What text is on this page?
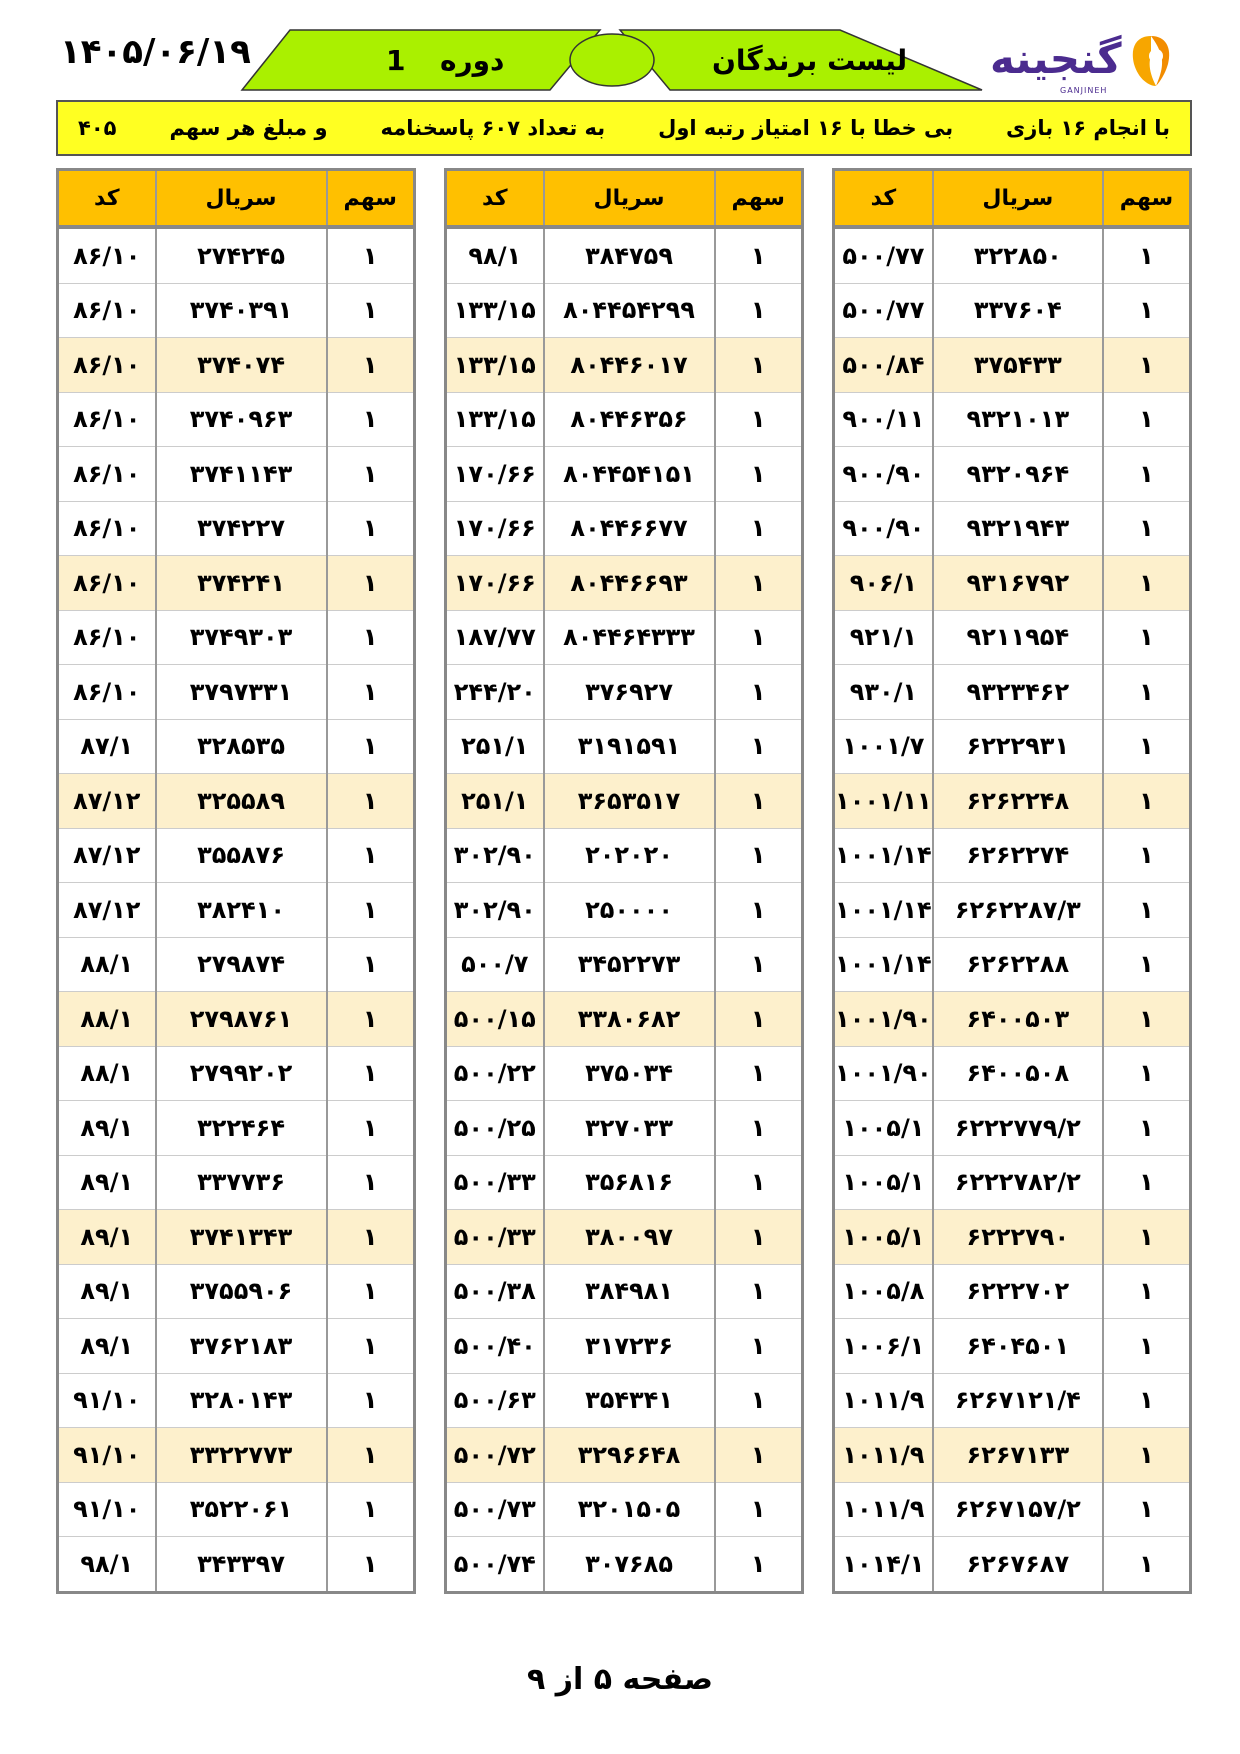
۱۴۰۵/۰۶/۱۹	1 دوره	لیست برندگان گنجینه
GANJINEH
با انجام ۱۶ بازی
بی خطا با ۱۶ امتیاز رتبه اول
به تعداد ۶۰۷ پاسخنامه
و مبلغ هر سهم
۴۰۵
کد	سریال	سهم
۵۰۰/۷۷	۳۲۲۸۵۰	۱
۵۰۰/۷۷	۳۳۷۶۰۴	۱
۵۰۰/۸۴	۳۷۵۴۳۳	۱
۹۰۰/۱۱	۹۳۲۱۰۱۳	۱
۹۰۰/۹۰	۹۳۲۰۹۶۴	۱
۹۰۰/۹۰	۹۳۲۱۹۴۳	۱
۹۰۶/۱	۹۳۱۶۷۹۲	۱
۹۲۱/۱	۹۲۱۱۹۵۴	۱
۹۳۰/۱	۹۳۲۳۴۶۲	۱
۱۰۰۱/۷	۶۲۲۲۹۳۱	۱
۱۰۰۱/۱۱	۶۲۶۲۲۴۸	۱
۱۰۰۱/۱۴	۶۲۶۲۲۷۴	۱
۱۰۰۱/۱۴	۶۲۶۲۲۸۷/۳	۱
۱۰۰۱/۱۴	۶۲۶۲۲۸۸	۱
۱۰۰۱/۹۰	۶۴۰۰۵۰۳	۱
۱۰۰۱/۹۰	۶۴۰۰۵۰۸	۱
۱۰۰۵/۱	۶۲۲۲۷۷۹/۲	۱
۱۰۰۵/۱	۶۲۲۲۷۸۲/۲	۱
۱۰۰۵/۱	۶۲۲۲۷۹۰	۱
۱۰۰۵/۸	۶۲۲۲۷۰۲	۱
۱۰۰۶/۱	۶۴۰۴۵۰۱	۱
۱۰۱۱/۹	۶۲۶۷۱۲۱/۴	۱
۱۰۱۱/۹	۶۲۶۷۱۳۳	۱
۱۰۱۱/۹	۶۲۶۷۱۵۷/۲	۱
۱۰۱۴/۱	۶۲۶۷۶۸۷	۱
کد	سریال	سهم
۹۸/۱	۳۸۴۷۵۹	۱
۱۳۳/۱۵	۸۰۴۴۵۴۲۹۹	۱
۱۳۳/۱۵	۸۰۴۴۶۰۱۷	۱
۱۳۳/۱۵	۸۰۴۴۶۳۵۶	۱
۱۷۰/۶۶	۸۰۴۴۵۴۱۵۱	۱
۱۷۰/۶۶	۸۰۴۴۶۶۷۷	۱
۱۷۰/۶۶	۸۰۴۴۶۶۹۳	۱
۱۸۷/۷۷	۸۰۴۴۶۴۳۳۳	۱
۲۴۴/۲۰	۳۷۶۹۲۷	۱
۲۵۱/۱	۳۱۹۱۵۹۱	۱
۲۵۱/۱	۳۶۵۳۵۱۷	۱
۳۰۲/۹۰	۲۰۲۰۲۰	۱
۳۰۲/۹۰	۲۵۰۰۰۰	۱
۵۰۰/۷	۳۴۵۲۲۷۳	۱
۵۰۰/۱۵	۳۳۸۰۶۸۲	۱
۵۰۰/۲۲	۳۷۵۰۳۴	۱
۵۰۰/۲۵	۳۲۷۰۳۳	۱
۵۰۰/۳۳	۳۵۶۸۱۶	۱
۵۰۰/۳۳	۳۸۰۰۹۷	۱
۵۰۰/۳۸	۳۸۴۹۸۱	۱
۵۰۰/۴۰	۳۱۷۲۳۶	۱
۵۰۰/۶۳	۳۵۴۳۴۱	۱
۵۰۰/۷۲	۳۲۹۶۶۴۸	۱
۵۰۰/۷۳	۳۲۰۱۵۰۵	۱
۵۰۰/۷۴	۳۰۷۶۸۵	۱
کد	سریال	سهم
۸۶/۱۰	۲۷۴۲۴۵	۱
۸۶/۱۰	۳۷۴۰۳۹۱	۱
۸۶/۱۰	۳۷۴۰۷۴	۱
۸۶/۱۰	۳۷۴۰۹۶۳	۱
۸۶/۱۰	۳۷۴۱۱۴۳	۱
۸۶/۱۰	۳۷۴۲۲۷	۱
۸۶/۱۰	۳۷۴۲۴۱	۱
۸۶/۱۰	۳۷۴۹۳۰۳	۱
۸۶/۱۰	۳۷۹۷۳۳۱	۱
۸۷/۱	۳۲۸۵۳۵	۱
۸۷/۱۲	۳۲۵۵۸۹	۱
۸۷/۱۲	۳۵۵۸۷۶	۱
۸۷/۱۲	۳۸۲۴۱۰	۱
۸۸/۱	۲۷۹۸۷۴	۱
۸۸/۱	۲۷۹۸۷۶۱	۱
۸۸/۱	۲۷۹۹۲۰۲	۱
۸۹/۱	۳۲۲۴۶۴	۱
۸۹/۱	۳۳۷۷۳۶	۱
۸۹/۱	۳۷۴۱۳۴۳	۱
۸۹/۱	۳۷۵۵۹۰۶	۱
۸۹/۱	۳۷۶۲۱۸۳	۱
۹۱/۱۰	۳۲۸۰۱۴۳	۱
۹۱/۱۰	۳۳۲۲۷۷۳	۱
۹۱/۱۰	۳۵۲۲۰۶۱	۱
۹۸/۱	۳۴۳۳۹۷	۱
صفحه ۵ از ۹
